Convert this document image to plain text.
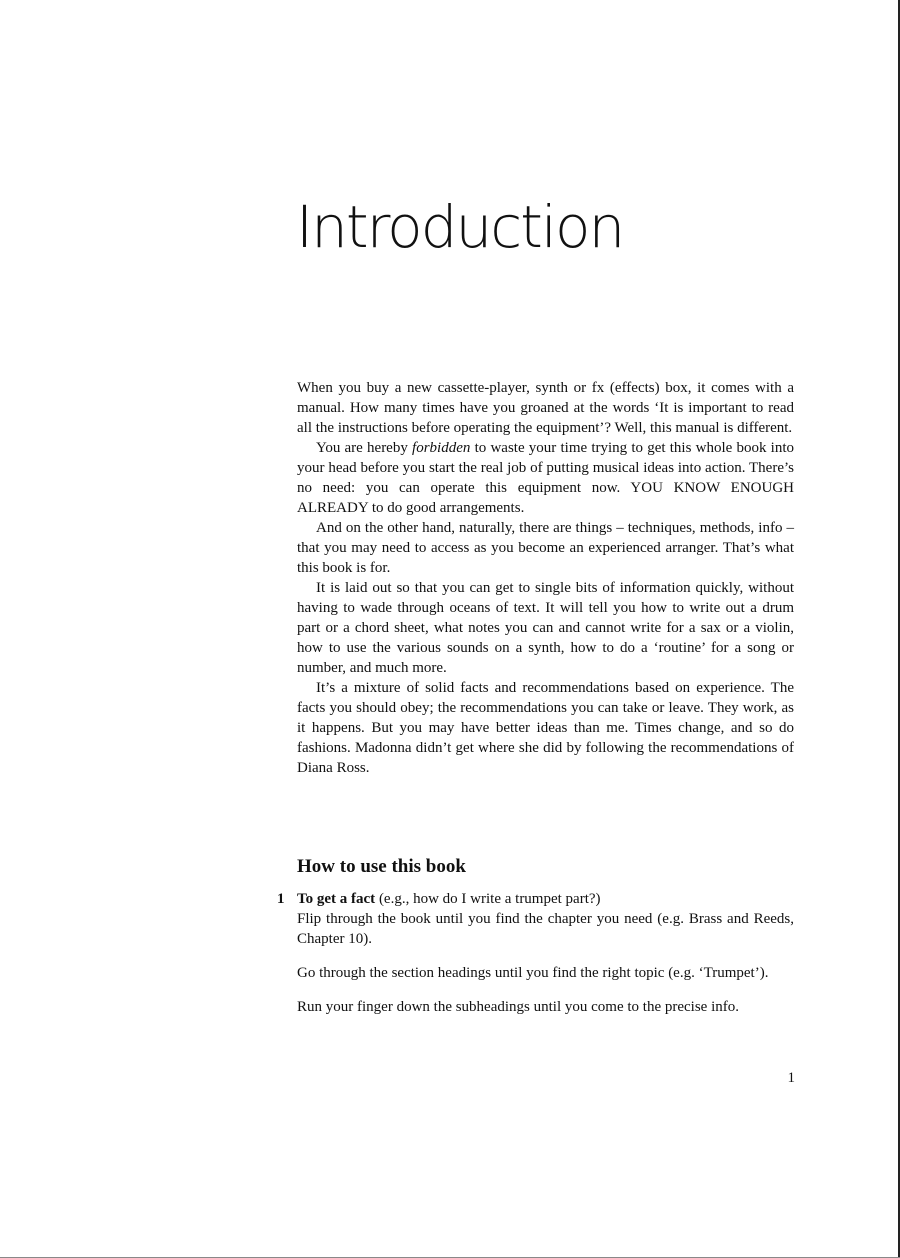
Introduction

When you buy a new cassette-player, synth or fx (effects) box, it comes with a manual. How many times have you groaned at the words ‘It is important to read all the instructions before operating the equipment’? Well, this manual is different.

You are hereby forbidden to waste your time trying to get this whole book into your head before you start the real job of putting musical ideas into action. There’s no need: you can operate this equipment now. YOU KNOW ENOUGH ALREADY to do good arrangements.

And on the other hand, naturally, there are things – techniques, methods, info – that you may need to access as you become an experienced arranger. That’s what this book is for.

It is laid out so that you can get to single bits of information quickly, without having to wade through oceans of text. It will tell you how to write out a drum part or a chord sheet, what notes you can and cannot write for a sax or a violin, how to use the various sounds on a synth, how to do a ‘routine’ for a song or number, and much more.

It’s a mixture of solid facts and recommendations based on experience. The facts you should obey; the recommendations you can take or leave. They work, as it happens. But you may have better ideas than me. Times change, and so do fashions. Madonna didn’t get where she did by following the recommendations of Diana Ross.

How to use this book
1 To get a fact (e.g., how do I write a trumpet part?)

Flip through the book until you find the chapter you need (e.g. Brass and Reeds, Chapter 10).

Go through the section headings until you find the right topic (e.g. ‘Trumpet’).

Run your finger down the subheadings until you come to the precise info.

1
